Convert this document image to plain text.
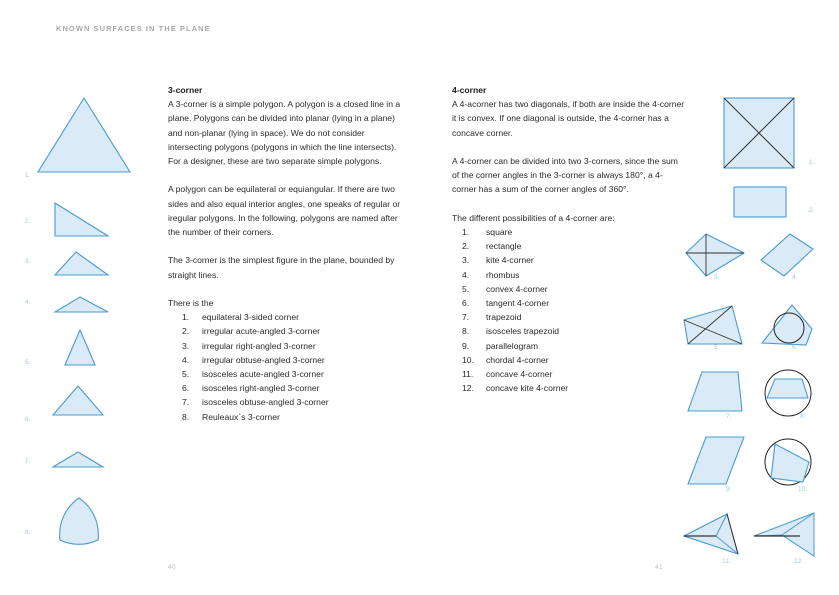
KNOWN SURFACES IN THE PLANE
1.
2.
3.
4.
5.
6.
7.
8.
3-corner

A 3-corner is a simple polygon. A polygon is a closed line in a plane. Polygons can be divided into planar (lying in a plane) and non-planar (lying in space). We do not consider intersecting polygons (polygons in which the line intersects). For a designer, these are two separate simple polygons.

A polygon can be equilateral or equiangular. If there are two sides and also equal interior angles, one speaks of regular or iregular polygons. In the following, polygons are named after the number of their corners.

The 3-corner is the simplest figure in the plane, bounded by straight lines.

There is the

equilateral 3-sided corner
irregular acute-angled 3-corner
irregular right-angled 3-corner
irregular obtuse-angled 3-corner
isosceles acute-angled 3-corner
isosceles right-angled 3-corner
isosceles obtuse-angled 3-corner
Reuleaux`s 3-corner
4-corner

A 4-acorner has two diagonals, if both are inside the 4-corner it is convex. If one diagonal is outside, the 4-corner has a concave corner.

A 4-corner can be divided into two 3-corners, since the sum of the corner angles in the 3-corner is always 180°, a 4-corner has a sum of the corner angles of 360°.

The different possibilities of a 4-corner are:

square
rectangle
kite 4-corner
rhombus
convex 4-corner
tangent 4-corner
trapezoid
isosceles trapezoid
parallelogram
chordal 4-corner
concave 4-corner
concave kite 4-corner
1.
2.
3.	4.
5.	6.
7.	8.
9.	10.
11.	12.
40	41
